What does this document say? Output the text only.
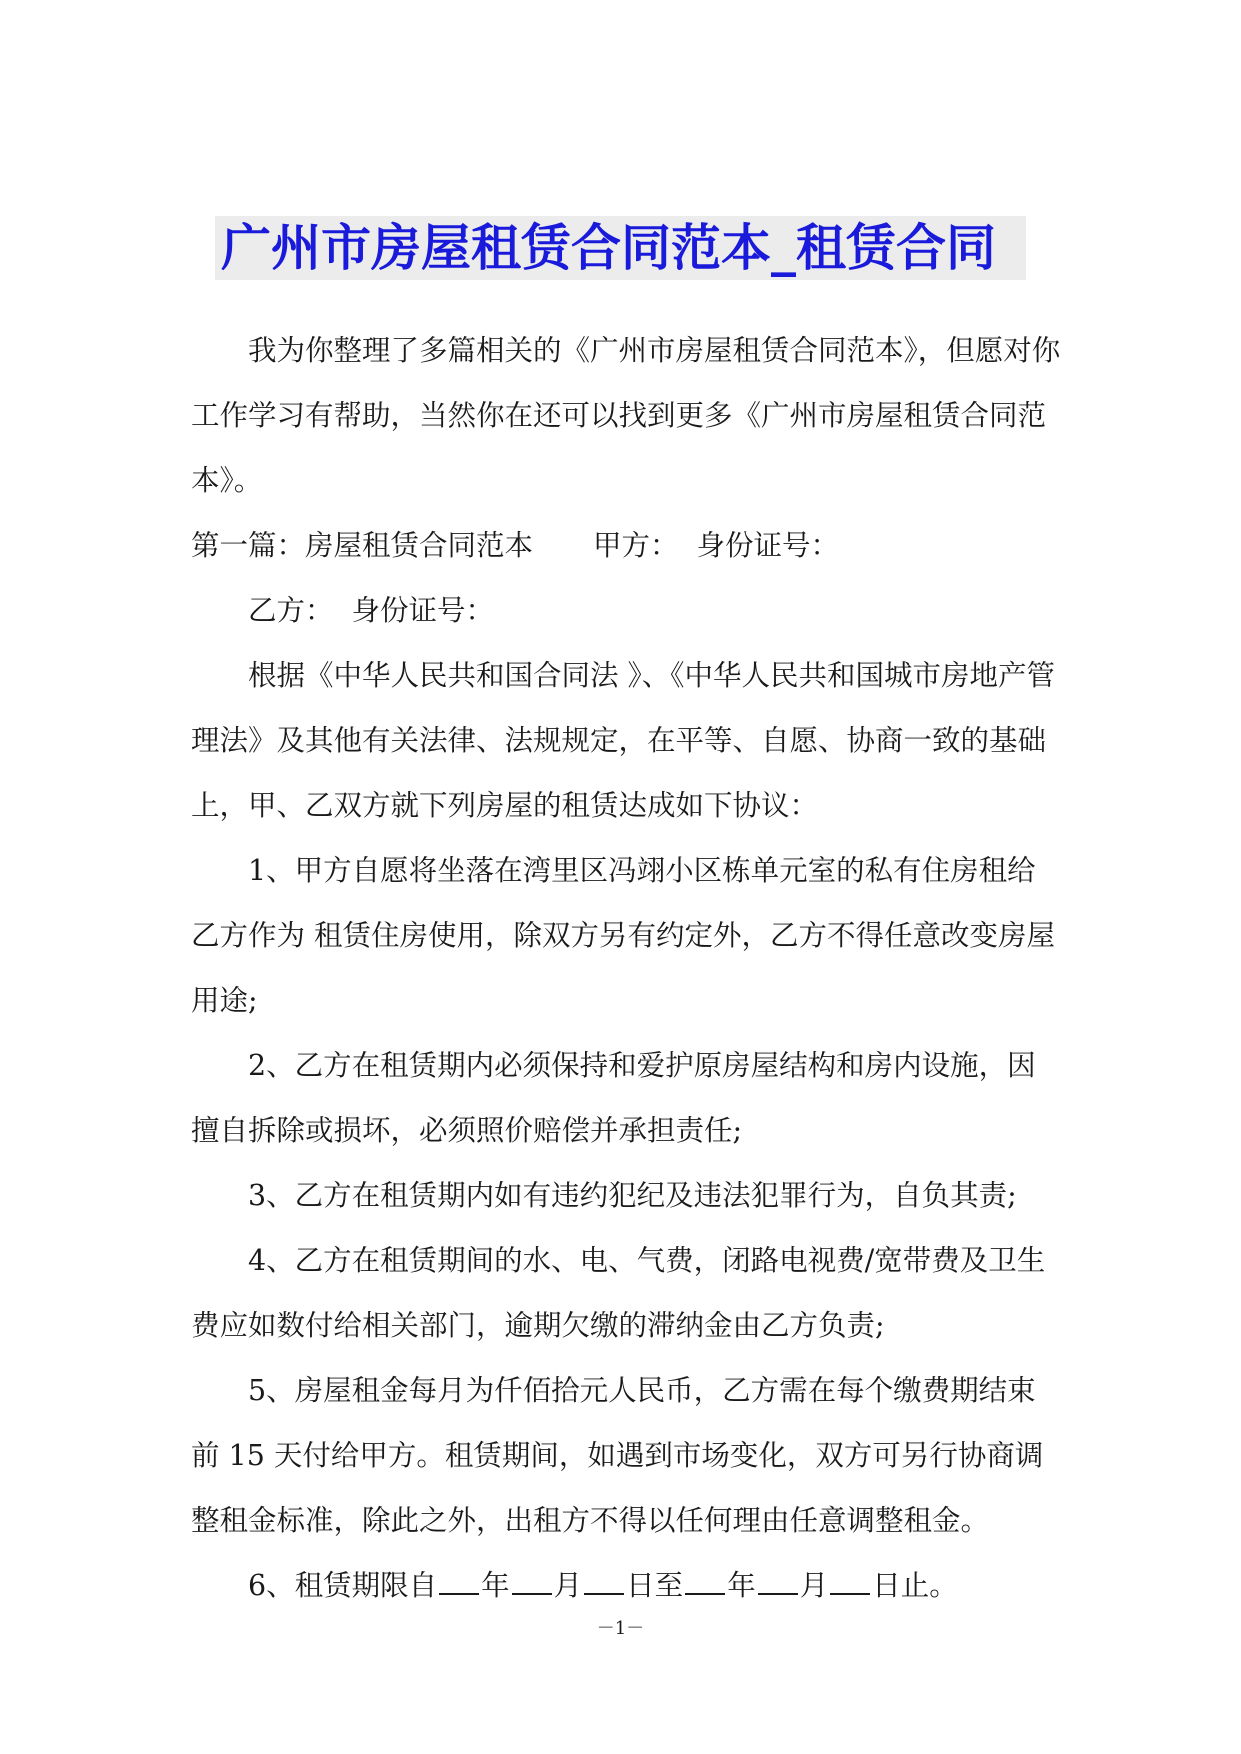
广州市房屋租赁合同范本_租赁合同

我为你整理了多篇相关的《广州市房屋租赁合同范本》，但愿对你工作学习有帮助，当然你在还可以找到更多《广州市房屋租赁合同范本》。

第一篇：房屋租赁合同范本 甲方： 身份证号：

乙方： 身份证号：

根据《中华人民共和国合同法 》、《中华人民共和国城市房地产管理法》及其他有关法律、法规规定，在平等、自愿、协商一致的基础上，甲、乙双方就下列房屋的租赁达成如下协议：

1、甲方自愿将坐落在湾里区冯翊小区栋单元室的私有住房租给乙方作为 租赁住房使用，除双方另有约定外，乙方不得任意改变房屋用途;

2、乙方在租赁期内必须保持和爱护原房屋结构和房内设施，因擅自拆除或损坏，必须照价赔偿并承担责任;

3、乙方在租赁期内如有违约犯纪及违法犯罪行为，自负其责;

4、乙方在租赁期间的水、电、气费，闭路电视费/宽带费及卫生费应如数付给相关部门，逾期欠缴的滞纳金由乙方负责;

5、房屋租金每月为仟佰拾元人民币，乙方需在每个缴费期结束前 15 天付给甲方。租赁期间，如遇到市场变化，双方可另行协商调整租金标准，除此之外，出租方不得以任何理由任意调整租金。

6、租赁期限自 年 月 日至 年 月 日止。

－1－
